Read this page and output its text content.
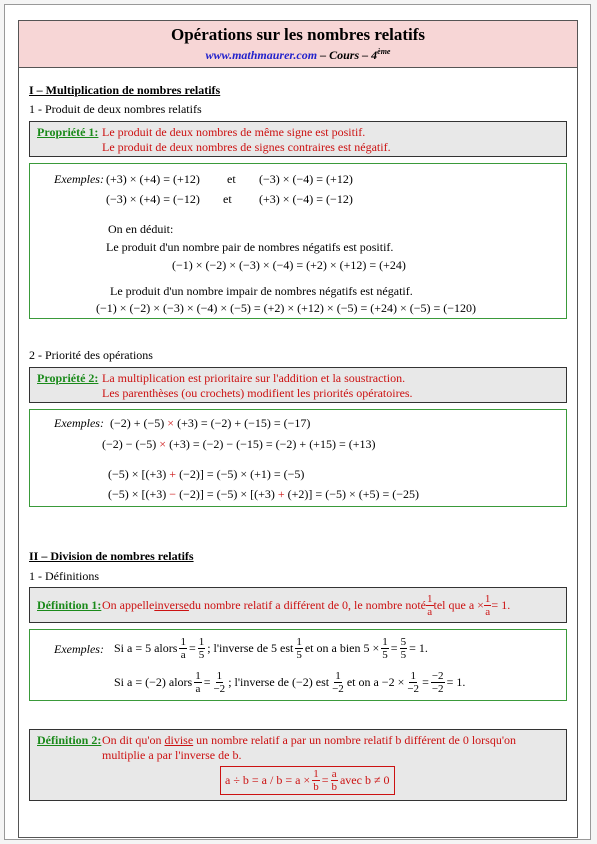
Opérations sur les nombres relatifs
www.mathmaurer.com – Cours – 4ème
I – Multiplication de nombres relatifs
1 - Produit de deux nombres relatifs
Propriété 1: Le produit de deux nombres de même signe est positif.
Le produit de deux nombres de signes contraires est négatif.
Exemples: (+3) × (+4) = (+12) et (−3) × (−4) = (+12)
(−3) × (+4) = (−12) et (+3) × (−4) = (−12)
On en déduit:
Le produit d'un nombre pair de nombres négatifs est positif.
(−1) × (−2) × (−3) × (−4) = (+2) × (+12) = (+24)
Le produit d'un nombre impair de nombres négatifs est négatif.
(−1) × (−2) × (−3) × (−4) × (−5) = (+2) × (+12) × (−5) = (+24) × (−5) = (−120)
2 - Priorité des opérations
Propriété 2: La multiplication est prioritaire sur l'addition et la soustraction.
Les parenthèses (ou crochets) modifient les priorités opératoires.
Exemples: (−2) + (−5) × (+3) = (−2) + (−15) = (−17)
(−2) − (−5) × (+3) = (−2) − (−15) = (−2) + (+15) = (+13)
(−5) × [(+3) + (−2)] = (−5) × (+1) = (−5)
(−5) × [(+3) − (−2)] = (−5) × [(+3) + (+2)] = (−5) × (+5) = (−25)
II – Division de nombres relatifs
1 - Définitions
Définition 1: On appelle inverse du nombre relatif a différent de 0, le nombre noté 1
a tel que $a \times \frac{1}{a} = 1$.
Exemples: Si a = 5 alors $\frac{1}{a} = \frac{1}{5}$ ; l'inverse de 5 est 1
5 et on a bien $5 \times \frac{1}{5} = \frac{5}{5} = 1$.
Si a = (−2) alors $\frac{1}{a} = \frac{1}{-2}$ ; l'inverse de (−2) est 1
−2 et on $a -2 \times \frac{1}{-2} = \frac{-2}{-2} = 1$.
Définition 2: On dit qu'on divise un nombre relatif a par un nombre relatif b différent de 0 lorsqu'on
multiplie a par l'inverse de b.
$a \div b = a / b = a \times \frac{1}{b} = \frac{a}{b}$ avec b ≠ 0
